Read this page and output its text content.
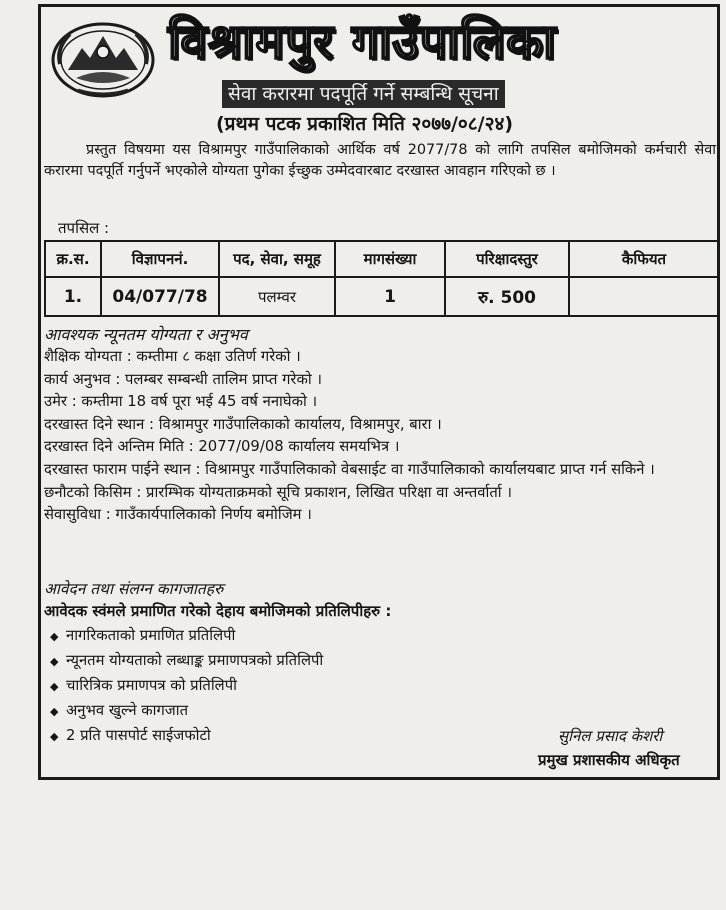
विश्रामपुर गाउँपालिका
सेवा करारमा पदपूर्ति गर्ने सम्बन्धि सूचना
(प्रथम पटक प्रकाशित मिति २०७७/०८/२४)
प्रस्तुत विषयमा यस विश्रामपुर गाउँपालिकाको आर्थिक वर्ष 2077/78 को लागि तपसिल बमोजिमको कर्मचारी सेवा करारमा पदपूर्ति गर्नुपर्ने भएकोले योग्यता पुगेका ईच्छुक उम्मेदवारबाट दरखास्त आवहान गरिएको छ ।
तपसिल :
क्र.स.	विज्ञापननं.	पद, सेवा, समूह	मागसंख्या	परिक्षादस्तुर	कैफियत
1.	04/077/78	पलम्वर	1	रु. 500	
आवश्यक न्यूनतम योग्यता र अनुभव
शैक्षिक योग्यता : कम्तीमा ८ कक्षा उतिर्ण गरेको ।
कार्य अनुभव : पलम्बर सम्बन्धी तालिम प्राप्त गरेको ।
उमेर : कम्तीमा 18 वर्ष पूरा भई 45 वर्ष ननाघेको ।
दरखास्त दिने स्थान : विश्रामपुर गाउँपालिकाको कार्यालय, विश्रामपुर, बारा ।
दरखास्त दिने अन्तिम मिति : 2077/09/08 कार्यालय समयभित्र ।
दरखास्त फाराम पाईने स्थान : विश्रामपुर गाउँपालिकाको वेबसाईट वा गाउँपालिकाको कार्यालयबाट प्राप्त गर्न सकिने ।
छनौटको किसिम : प्रारम्भिक योग्यताक्रमको सूचि प्रकाशन, लिखित परिक्षा वा अन्तर्वार्ता ।
सेवासुविधा : गाउँकार्यपालिकाको निर्णय बमोजिम ।
आवेदन तथा संलग्न कागजातहरु
आवेदक स्वंमले प्रमाणित गरेको देहाय बमोजिमको प्रतिलिपीहरु :
◆ नागरिकताको प्रमाणित प्रतिलिपी
◆ न्यूनतम योग्यताको लब्धाङ्क प्रमाणपत्रको प्रतिलिपी
◆ चारित्रिक प्रमाणपत्र को प्रतिलिपी
◆ अनुभव खुल्ने कागजात
◆ 2 प्रति पासपोर्ट साईजफोटो	सुनिल प्रसाद केशरी
प्रमुख प्रशासकीय अधिकृत
